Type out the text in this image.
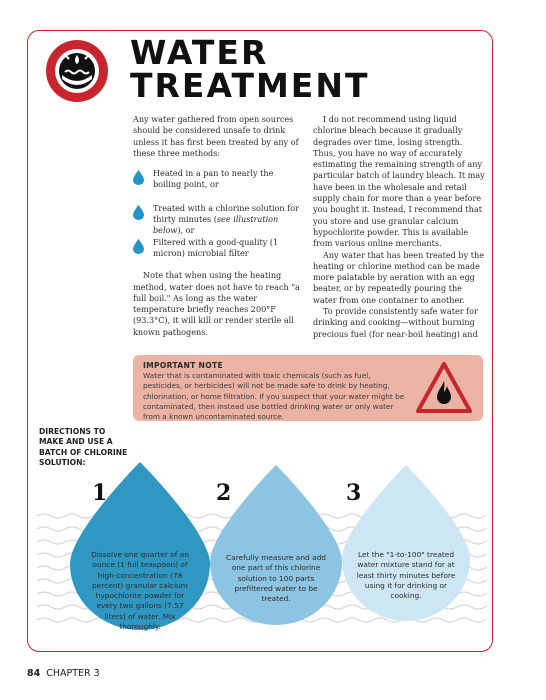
WATER TREATMENT

Any water gathered from open sources should be considered unsafe to drink unless it has first been treated by any of these three methods:

Heated in a pan to nearly the boiling point, or

Treated with a chlorine solution for thirty minutes (see illustration below), or

Filtered with a good-quality (1 micron) microbial filter

Note that when using the heating method, water does not have to reach "a full boil." As long as the water temperature briefly reaches 200°F (93.3°C), it will kill or render sterile all known pathogens.

I do not recommend using liquid chlorine bleach because it gradually degrades over time, losing strength. Thus, you have no way of accurately estimating the remaining strength of any particular batch of laundry bleach. It may have been in the wholesale and retail supply chain for more than a year before you bought it. Instead, I recommend that you store and use granular calcium hypochlorite powder. This is available from various online merchants.

Any water that has been treated by the heating or chlorine method can be made more palatable by aeration with an egg beater, or by repeatedly pouring the water from one container to another.

To provide consistently safe water for drinking and cooking—without burning precious fuel (for near-boil heating) and

IMPORTANT NOTE
Water that is contaminated with toxic chemicals (such as fuel, pesticides, or herbicides) will not be made safe to drink by heating, chlorination, or home filtration. If you suspect that your water might be contaminated, then instead use bottled drinking water or only water from a known uncontaminated source.
DIRECTIONS TO MAKE AND USE A BATCH OF CHLORINE SOLUTION:
1	2	3
Dissolve one quarter of an ounce (1 full teaspoon) of high-concentration (78 percent) granular calcium hypochlorite powder for every two gallons (7.57 liters) of water. Mix thoroughly.
Carefully measure and add one part of this chlorine solution to 100 parts prefiltered water to be treated.
Let the "1-to-100" treated water mixture stand for at least thirty minutes before using it for drinking or cooking.
84 CHAPTER 3
